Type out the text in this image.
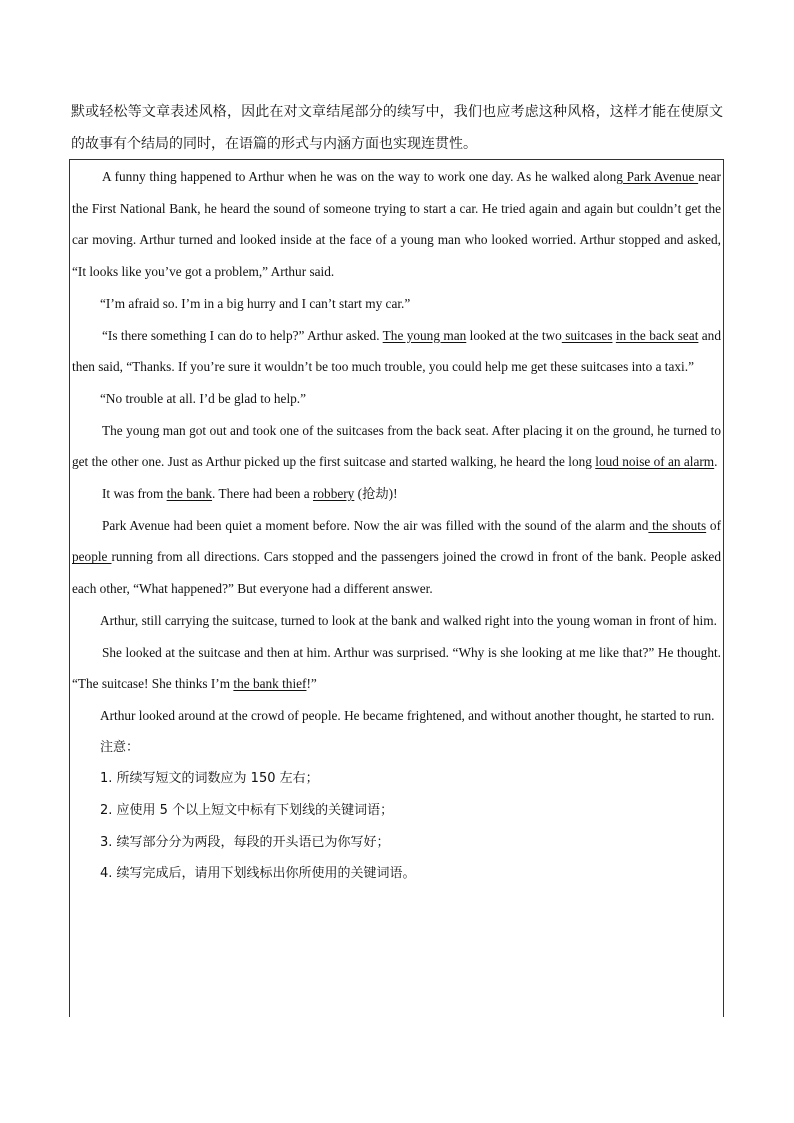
默或轻松等文章表述风格，因此在对文章结尾部分的续写中，我们也应考虑这种风格，这样才能在使原文的故事有个结局的同时，在语篇的形式与内涵方面也实现连贯性。

A funny thing happened to Arthur when he was on the way to work one day. As he walked along Park Avenue near the First National Bank, he heard the sound of someone trying to start a car. He tried again and again but couldn’t get the car moving. Arthur turned and looked inside at the face of a young man who looked worried. Arthur stopped and asked, “It looks like you’ve got a problem,” Arthur said.

“I’m afraid so. I’m in a big hurry and I can’t start my car.”

“Is there something I can do to help?” Arthur asked. The young man looked at the two suitcases in the back seat and then said, “Thanks. If you’re sure it wouldn’t be too much trouble, you could help me get these suitcases into a taxi.”

“No trouble at all. I’d be glad to help.”

The young man got out and took one of the suitcases from the back seat. After placing it on the ground, he turned to get the other one. Just as Arthur picked up the first suitcase and started walking, he heard the long loud noise of an alarm.

It was from the bank. There had been a robbery (抢劫)!

Park Avenue had been quiet a moment before. Now the air was filled with the sound of the alarm and the shouts of people running from all directions. Cars stopped and the passengers joined the crowd in front of the bank. People asked each other, “What happened?” But everyone had a different answer.

Arthur, still carrying the suitcase, turned to look at the bank and walked right into the young woman in front of him.

She looked at the suitcase and then at him. Arthur was surprised. “Why is she looking at me like that?” He thought. “The suitcase! She thinks I’m the bank thief!”

Arthur looked around at the crowd of people. He became frightened, and without another thought, he started to run.

注意：

1. 所续写短文的词数应为 150 左右；

2. 应使用 5 个以上短文中标有下划线的关键词语；

3. 续写部分分为两段，每段的开头语已为你写好；

4. 续写完成后，请用下划线标出你所使用的关键词语。
